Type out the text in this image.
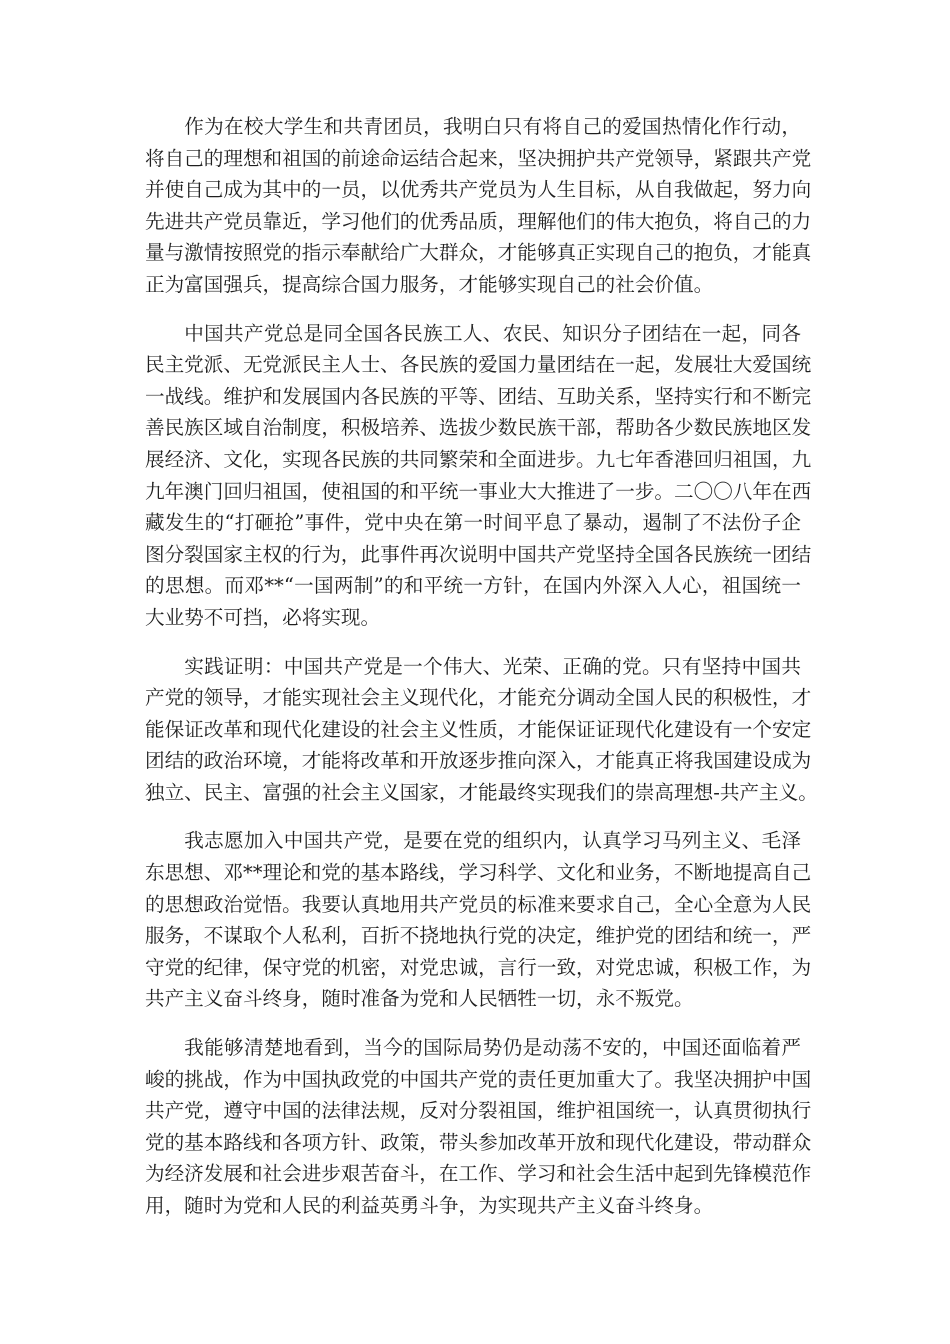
作为在校大学生和共青团员，我明白只有将自己的爱国热情化作行动，
将自己的理想和祖国的前途命运结合起来，坚决拥护共产党领导，紧跟共产党
并使自己成为其中的一员，以优秀共产党员为人生目标，从自我做起，努力向
先进共产党员靠近，学习他们的优秀品质，理解他们的伟大抱负，将自己的力
量与激情按照党的指示奉献给广大群众，才能够真正实现自己的抱负，才能真
正为富国强兵，提高综合国力服务，才能够实现自己的社会价值。
中国共产党总是同全国各民族工人、农民、知识分子团结在一起，同各
民主党派、无党派民主人士、各民族的爱国力量团结在一起，发展壮大爱国统
一战线。维护和发展国内各民族的平等、团结、互助关系，坚持实行和不断完
善民族区域自治制度，积极培养、选拔少数民族干部，帮助各少数民族地区发
展经济、文化，实现各民族的共同繁荣和全面进步。九七年香港回归祖国，九
九年澳门回归祖国，使祖国的和平统一事业大大推进了一步。二〇〇八年在西
藏发生的“打砸抢”事件，党中央在第一时间平息了暴动，遏制了不法份子企
图分裂国家主权的行为，此事件再次说明中国共产党坚持全国各民族统一团结
的思想。而邓**“一国两制”的和平统一方针，在国内外深入人心，祖国统一
大业势不可挡，必将实现。
实践证明：中国共产党是一个伟大、光荣、正确的党。只有坚持中国共
产党的领导，才能实现社会主义现代化，才能充分调动全国人民的积极性，才
能保证改革和现代化建设的社会主义性质，才能保证证现代化建设有一个安定
团结的政治环境，才能将改革和开放逐步推向深入，才能真正将我国建设成为
独立、民主、富强的社会主义国家，才能最终实现我们的崇高理想-共产主义。
我志愿加入中国共产党，是要在党的组织内，认真学习马列主义、毛泽
东思想、邓**理论和党的基本路线，学习科学、文化和业务，不断地提高自己
的思想政治觉悟。我要认真地用共产党员的标准来要求自己，全心全意为人民
服务，不谋取个人私利，百折不挠地执行党的决定，维护党的团结和统一，严
守党的纪律，保守党的机密，对党忠诚，言行一致，对党忠诚，积极工作，为
共产主义奋斗终身，随时准备为党和人民牺牲一切，永不叛党。
我能够清楚地看到，当今的国际局势仍是动荡不安的，中国还面临着严
峻的挑战，作为中国执政党的中国共产党的责任更加重大了。我坚决拥护中国
共产党，遵守中国的法律法规，反对分裂祖国，维护祖国统一，认真贯彻执行
党的基本路线和各项方针、政策，带头参加改革开放和现代化建设，带动群众
为经济发展和社会进步艰苦奋斗，在工作、学习和社会生活中起到先锋模范作
用，随时为党和人民的利益英勇斗争，为实现共产主义奋斗终身。
